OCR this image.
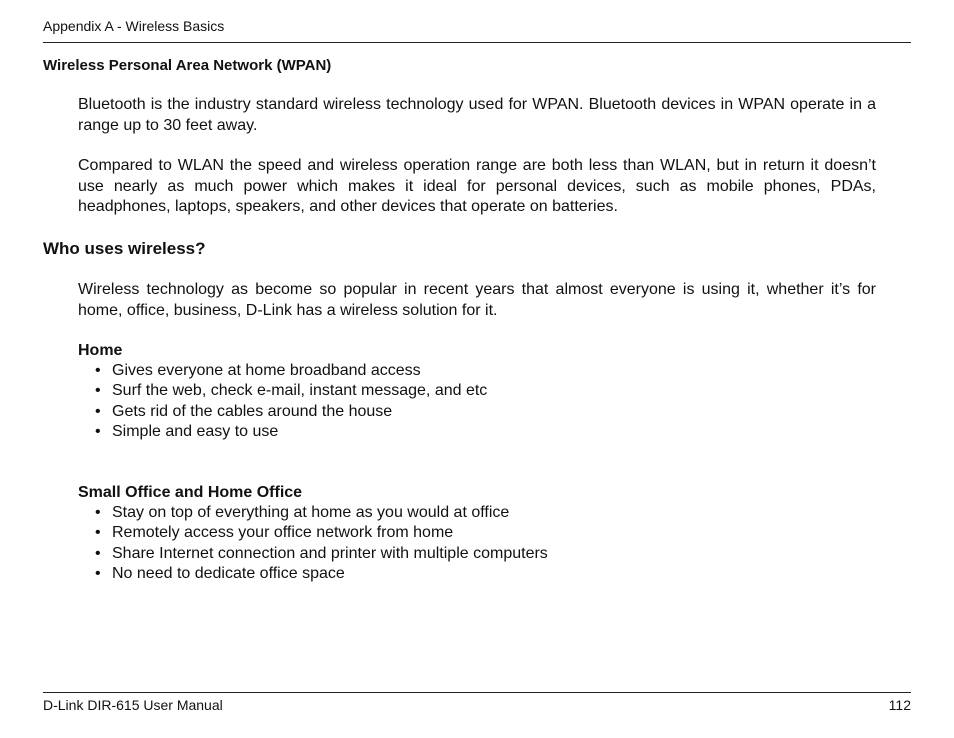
Appendix A - Wireless Basics
Wireless Personal Area Network (WPAN)

Bluetooth is the industry standard wireless technology used for WPAN. Bluetooth devices in WPAN operate in a range up to 30 feet away.

Compared to WLAN the speed and wireless operation range are both less than WLAN, but in return it doesn’t use nearly as much power which makes it ideal for personal devices, such as mobile phones, PDAs, headphones, laptops, speakers, and other devices that operate on batteries.

Who uses wireless?

Wireless technology as become so popular in recent years that almost everyone is using it, whether it’s for home, office, business, D-Link has a wireless solution for it.

Home
• Gives everyone at home broadband access
• Surf the web, check e-mail, instant message, and etc
• Gets rid of the cables around the house
• Simple and easy to use
Small Office and Home Office
• Stay on top of everything at home as you would at office
• Remotely access your office network from home
• Share Internet connection and printer with multiple computers
• No need to dedicate office space
D-Link DIR-615 User Manual	112
